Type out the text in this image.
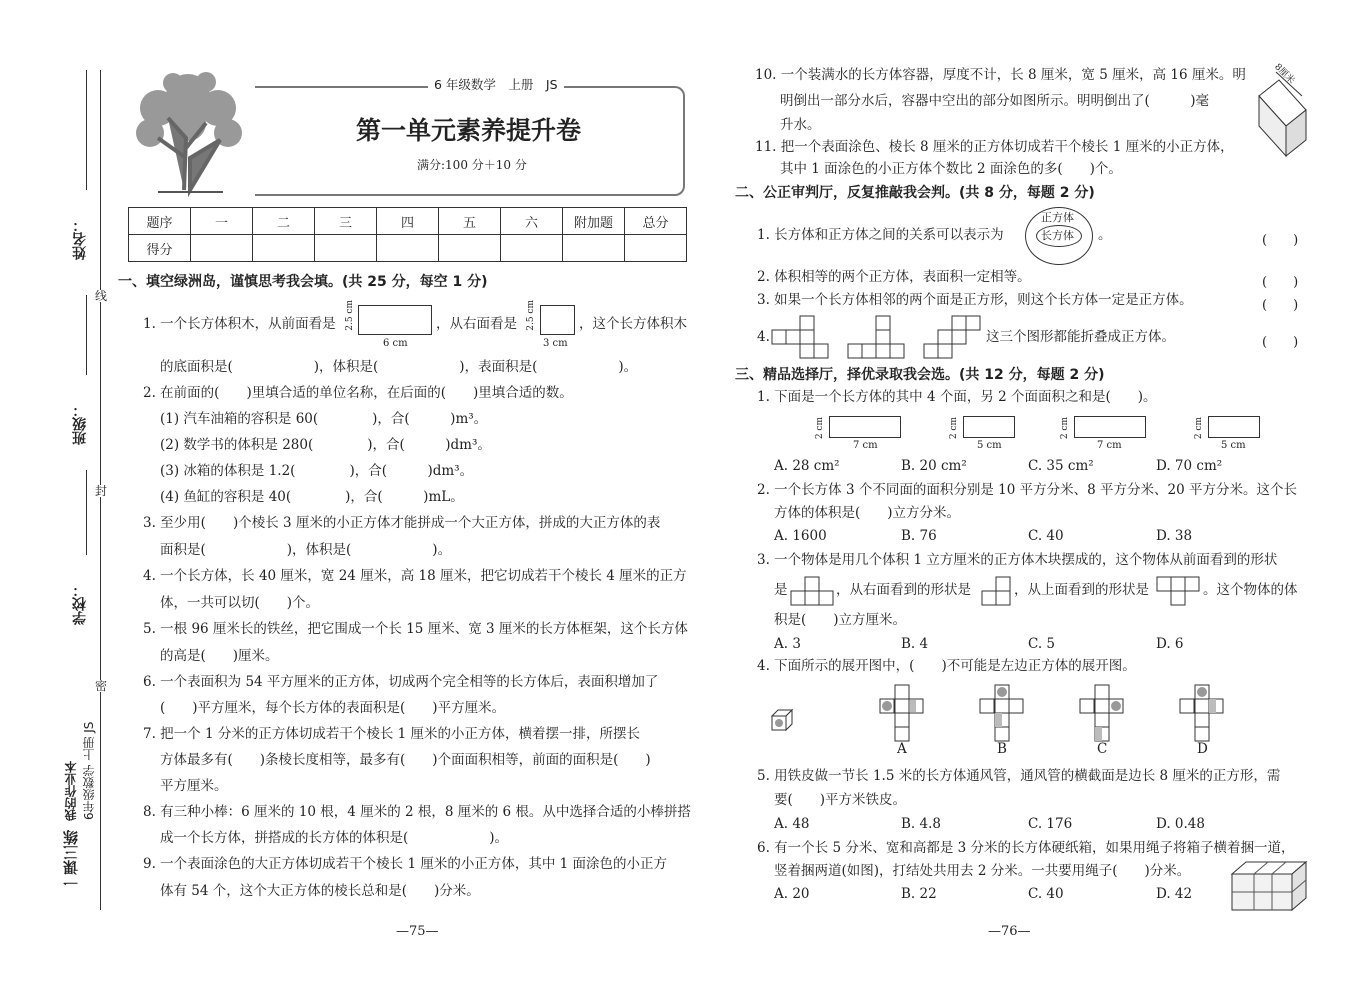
姓名：
班级：
学校：
线
封
密
一课三练 我的作业本 6年级数学 上册 JS
6 年级数学　上册　JS
第一单元素养提升卷
满分:100 分＋10 分
题序	一	二	三	四	五	六	附加题	总分
得分								
一、填空绿洲岛，谨慎思考我会填。(共 25 分，每空 1 分)
1. 一个长方体积木，从前面看是
6 cm
2.5 cm	，从右面看是
3 cm
2.5 cm	，这个长方体积木
的底面积是(　　　　　　)，体积是(　　　　　　)，表面积是(　　　　　　)。
2. 在前面的(　　)里填合适的单位名称，在后面的(　　)里填合适的数。
(1) 汽车油箱的容积是 60(　　　　)，合(　　　)m³。
(2) 数学书的体积是 280(　　　　)，合(　　　)dm³。
(3) 冰箱的体积是 1.2(　　　　)，合(　　　)dm³。
(4) 鱼缸的容积是 40(　　　　)，合(　　　)mL。
3. 至少用(　　)个棱长 3 厘米的小正方体才能拼成一个大正方体，拼成的大正方体的表
面积是(　　　　　　)，体积是(　　　　　　)。
4. 一个长方体，长 40 厘米，宽 24 厘米，高 18 厘米，把它切成若干个棱长 4 厘米的正方
体，一共可以切(　　)个。
5. 一根 96 厘米长的铁丝，把它围成一个长 15 厘米、宽 3 厘米的长方体框架，这个长方体
的高是(　　)厘米。
6. 一个表面积为 54 平方厘米的正方体，切成两个完全相等的长方体后，表面积增加了
(　　)平方厘米，每个长方体的表面积是(　　)平方厘米。
7. 把一个 1 分米的正方体切成若干个棱长 1 厘米的小正方体，横着摆一排，所摆长
方体最多有(　　)条棱长度相等，最多有(　　)个面面积相等，前面的面积是(　　)
平方厘米。
8. 有三种小棒：6 厘米的 10 根，4 厘米的 2 根，8 厘米的 6 根。从中选择合适的小棒拼搭
成一个长方体，拼搭成的长方体的体积是(　　　　　　)。
9. 一个表面涂色的大正方体切成若干个棱长 1 厘米的小正方体，其中 1 面涂色的小正方
体有 54 个，这个大正方体的棱长总和是(　　)分米。
—75—
10. 一个装满水的长方体容器，厚度不计，长 8 厘米，宽 5 厘米，高 16 厘米。明
明倒出一部分水后，容器中空出的部分如图所示。明明倒出了(　　　)毫
升水。
8厘米
11. 把一个表面涂色、棱长 8 厘米的正方体切成若干个棱长 1 厘米的小正方体，
其中 1 面涂色的小正方体个数比 2 面涂色的多(　　)个。
二、公正审判厅，反复推敲我会判。(共 8 分，每题 2 分)
1. 长方体和正方体之间的关系可以表示为
正方体
长方体 。	(　　)
2. 体积相等的两个正方体，表面积一定相等。	(　　)
3. 如果一个长方体相邻的两个面是正方形，则这个长方体一定是正方体。	(　　)
4.	这三个图形都能折叠成正方体。	(　　)
三、精品选择厅，择优录取我会选。(共 12 分，每题 2 分)
1. 下面是一个长方体的其中 4 个面，另 2 个面面积之和是(　　)。
7 cm
2 cm
5 cm
2 cm
7 cm
2 cm
5 cm
2 cm
A. 28 cm²	B. 20 cm²	C. 35 cm²	D. 70 cm²
2. 一个长方体 3 个不同面的面积分别是 10 平方分米、8 平方分米、20 平方分米。这个长
方体的体积是(　　)立方分米。
A. 1600	B. 76	C. 40	D. 38
3. 一个物体是用几个体积 1 立方厘米的正方体木块摆成的，这个物体从前面看到的形状
是	，从右面看到的形状是	，从上面看到的形状是	。这个物体的体
积是(　　)立方厘米。
A. 3	B. 4	C. 5	D. 6
4. 下面所示的展开图中，(　　)不可能是左边正方体的展开图。
A	B	C	D
5. 用铁皮做一节长 1.5 米的长方体通风管，通风管的横截面是边长 8 厘米的正方形，需
要(　　)平方米铁皮。
A. 48	B. 4.8	C. 176	D. 0.48
6. 有一个长 5 分米、宽和高都是 3 分米的长方体硬纸箱，如果用绳子将箱子横着捆一道，
竖着捆两道(如图)，打结处共用去 2 分米。一共要用绳子(　　)分米。
A. 20	B. 22	C. 40	D. 42
—76—
